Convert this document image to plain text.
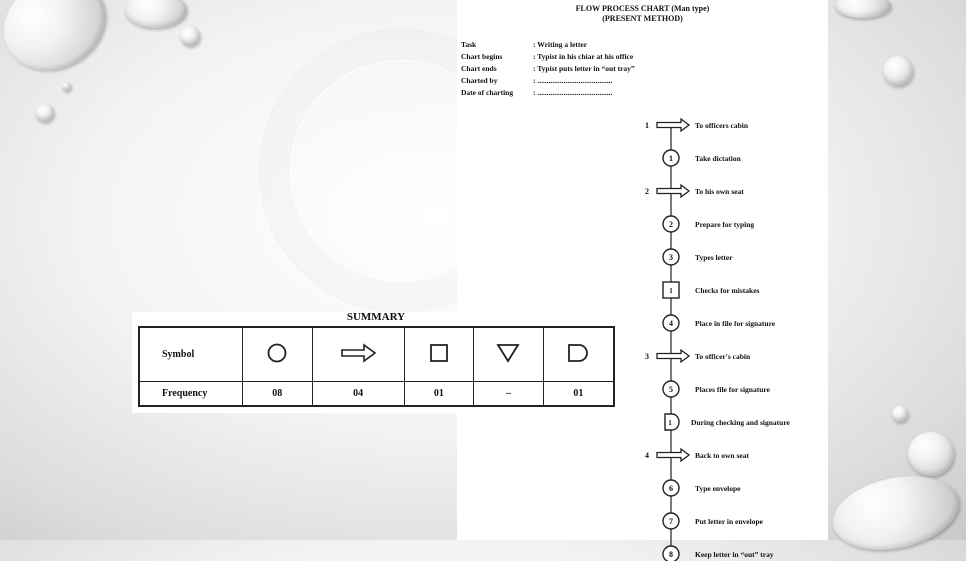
FLOW PROCESS CHART (Man type)
(PRESENT METHOD)
Task	: Writing a letter
Chart begins	: Typist in his chiar at his office
Chart ends	: Typist puts letter in “out tray”
Charted by	: ........................................
Date of charting	: ........................................
1	To officers cabin
1	Take dictation
2	To his own seat
2	Prepare for typing
3	Types letter
1	Checks for mistakes
4	Place in file for signature
3	To officer's cabin
5	Places file for signature
1	During checking and signature
4	Back to own seat
6	Type envelope
7	Put letter in envelope
8	Keep letter in “out” tray
SUMMARY
Symbol					
Frequency	08	04	01	–	01
